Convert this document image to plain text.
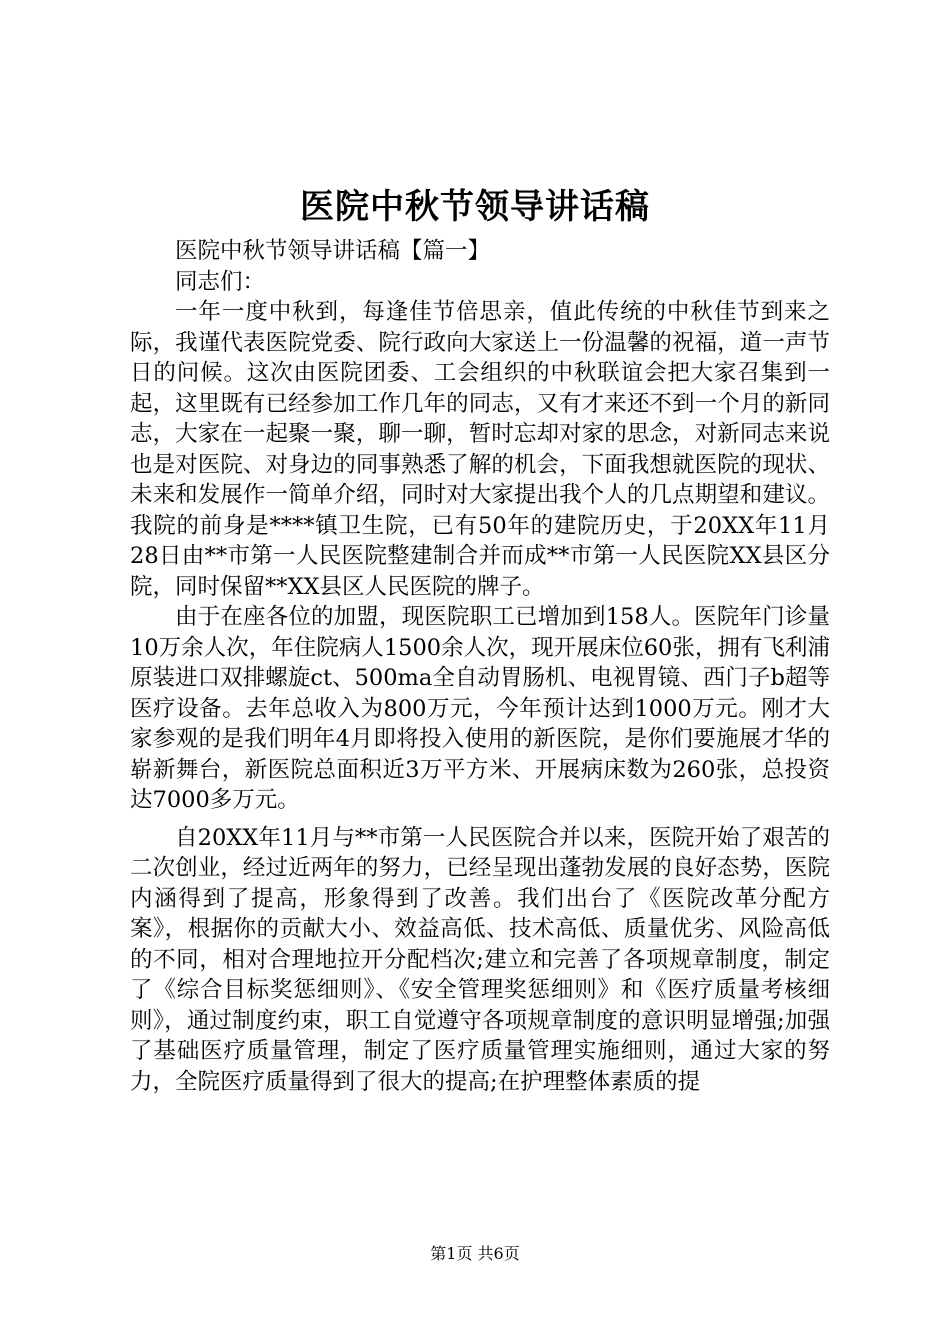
医院中秋节领导讲话稿

医院中秋节领导讲话稿【篇一】

同志们：

一年一度中秋到，每逢佳节倍思亲，值此传统的中秋佳节到来之际，我谨代表医院党委、院行政向大家送上一份温馨的祝福，道一声节日的问候。这次由医院团委、工会组织的中秋联谊会把大家召集到一起，这里既有已经参加工作几年的同志，又有才来还不到一个月的新同志，大家在一起聚一聚，聊一聊，暂时忘却对家的思念，对新同志来说也是对医院、对身边的同事熟悉了解的机会，下面我想就医院的现状、未来和发展作一简单介绍，同时对大家提出我个人的几点期望和建议。我院的前身是****镇卫生院，已有50年的建院历史，于20XX年11月28日由**市第一人民医院整建制合并而成**市第一人民医院XX县区分院，同时保留**XX县区人民医院的牌子。

由于在座各位的加盟，现医院职工已增加到158人。医院年门诊量10万余人次，年住院病人1500余人次，现开展床位60张，拥有飞利浦原装进口双排螺旋ct、500ma全自动胃肠机、电视胃镜、西门子b超等医疗设备。去年总收入为800万元，今年预计达到1000万元。刚才大家参观的是我们明年4月即将投入使用的新医院，是你们要施展才华的崭新舞台，新医院总面积近3万平方米、开展病床数为260张，总投资达7000多万元。

自20XX年11月与**市第一人民医院合并以来，医院开始了艰苦的二次创业，经过近两年的努力，已经呈现出蓬勃发展的良好态势，医院内涵得到了提高，形象得到了改善。我们出台了《医院改革分配方案》，根据你的贡献大小、效益高低、技术高低、质量优劣、风险高低的不同，相对合理地拉开分配档次;建立和完善了各项规章制度，制定了《综合目标奖惩细则》、《安全管理奖惩细则》和《医疗质量考核细则》，通过制度约束，职工自觉遵守各项规章制度的意识明显增强;加强了基础医疗质量管理，制定了医疗质量管理实施细则，通过大家的努力，全院医疗质量得到了很大的提高;在护理整体素质的提

第1页 共6页
